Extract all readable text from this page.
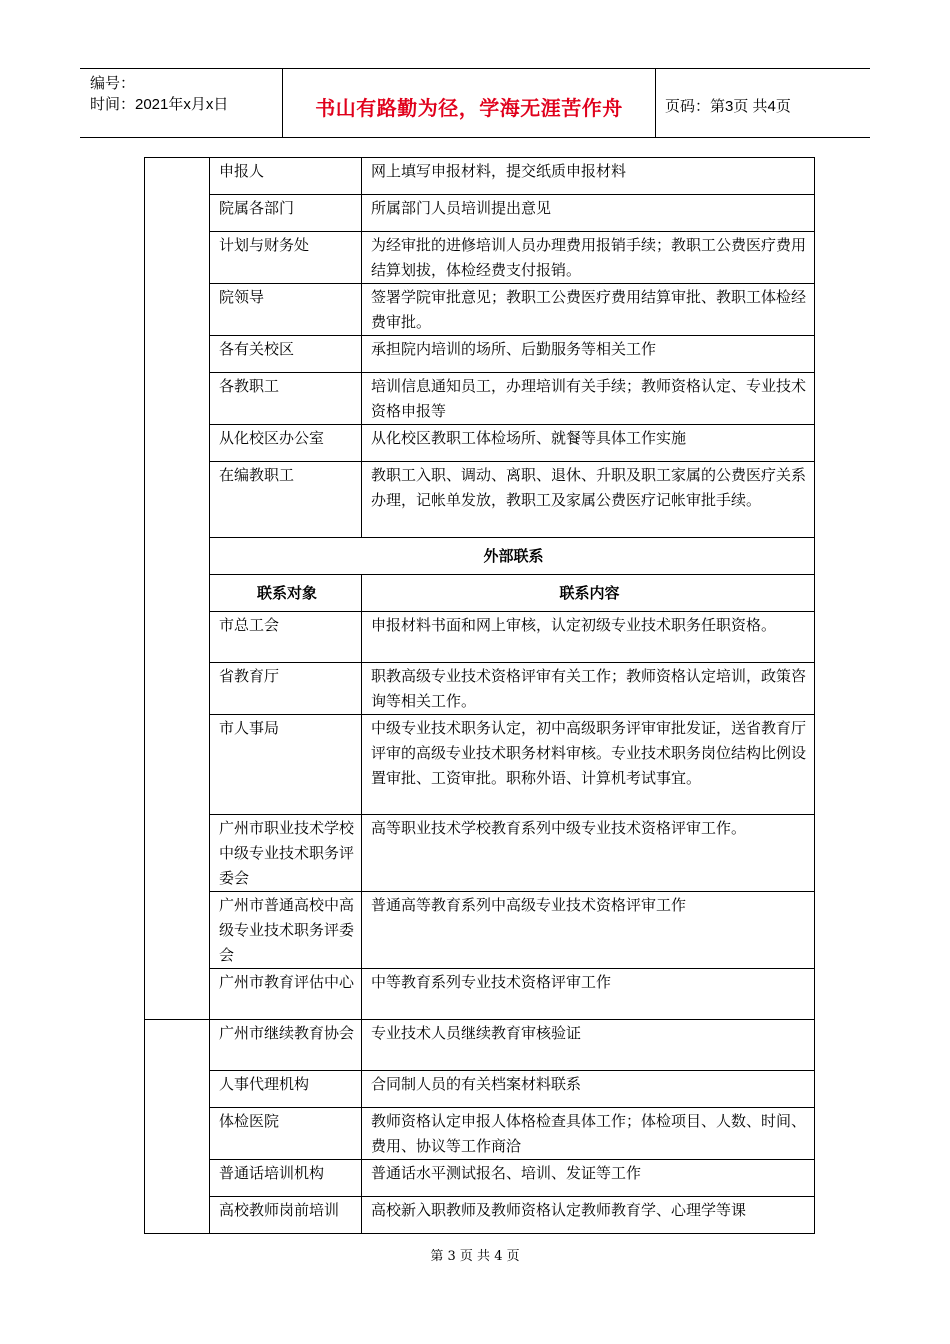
编号：
时间：2021年x月x日	书山有路勤为径，学海无涯苦作舟	页码：第3页 共4页
	申报人	网上填写申报材料，提交纸质申报材料
	院属各部门	所属部门人员培训提出意见
	计划与财务处	为经审批的进修培训人员办理费用报销手续；教职工公费医疗费用结算划拔，体检经费支付报销。
	院领导	签署学院审批意见；教职工公费医疗费用结算审批、教职工体检经费审批。
	各有关校区	承担院内培训的场所、后勤服务等相关工作
	各教职工	培训信息通知员工，办理培训有关手续；教师资格认定、专业技术资格申报等
	从化校区办公室	从化校区教职工体检场所、就餐等具体工作实施
	在编教职工	教职工入职、调动、离职、退休、升职及职工家属的公费医疗关系办理，记帐单发放，教职工及家属公费医疗记帐审批手续。
	外部联系	
	联系对象	联系内容
	市总工会	申报材料书面和网上审核，认定初级专业技术职务任职资格。
	省教育厅	职教高级专业技术资格评审有关工作；教师资格认定培训，政策咨询等相关工作。
	市人事局	中级专业技术职务认定，初中高级职务评审审批发证，送省教育厅评审的高级专业技术职务材料审核。专业技术职务岗位结构比例设置审批、工资审批。职称外语、计算机考试事宜。
	广州市职业技术学校中级专业技术职务评委会	高等职业技术学校教育系列中级专业技术资格评审工作。
	广州市普通高校中高级专业技术职务评委会	普通高等教育系列中高级专业技术资格评审工作
	广州市教育评估中心	中等教育系列专业技术资格评审工作
	广州市继续教育协会	专业技术人员继续教育审核验证
	人事代理机构	合同制人员的有关档案材料联系
	体检医院	教师资格认定申报人体格检查具体工作；体检项目、人数、时间、费用、协议等工作商洽
	普通话培训机构	普通话水平测试报名、培训、发证等工作
	高校教师岗前培训	高校新入职教师及教师资格认定教师教育学、心理学等课
第 3 页 共 4 页
